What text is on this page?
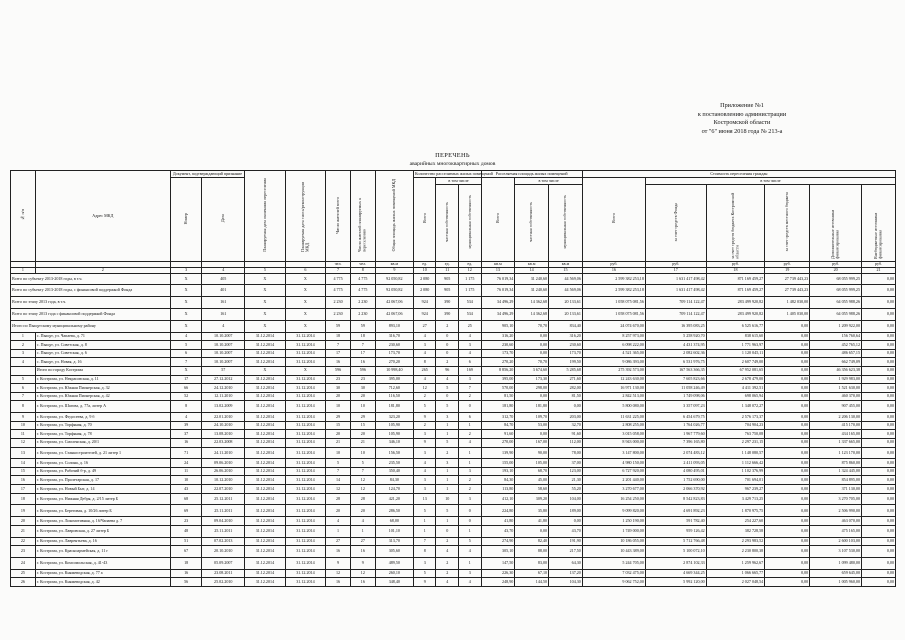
Приложение №1
к постановлению администрации
Костромской области
от "6" июня 2018 года № 213-а
ПЕРЕЧЕНЬ
аварийных многоквартирных домов
№ п/п	Адрес МКД	Документ, подтверждающий признание		Планируемая дата окончания переселения	Планируемая дата сноса/реконструкции МКД	Число жителей всего	Число жителей планируемых к переселению	Общая площадь жилых помещений МКД	Количество расселяемых жилых помещений			Расселяемая площадь жилых помещений			Стоимость переселения граждан					
		Номер	Дата						Всего	в том числе		Всего	в том числе		Всего	в том числе				
										частная собственность	муниципальная собственность		частная собственность	муниципальная собственность		за счет средств Фонда	за счет средств бюджета Костромской области	за счет средств местного бюджета	Дополнительные источники финансирования	Внебюджетные источники финансирования
						чел.	чел.	кв.м	ед.	ед.	ед.	кв.м	кв.м	кв.м	руб.	руб.	руб.	руб.	руб.	руб.
1	2	3	4	5	6	7	8	9	10	11	12	13	14	15	16	17	18	19	20	21
Всего по субъекту 2013-2018 годы, в т.ч.		Х	405	Х	Х	4 775	4 775	92 050,82	2 080	905	1 175	76 019,34	31 240,60	44 569,06	2 599 382 253,18	1 631 417 498,42	871 169 459,27	27 739 443,23	68 055 999,25	0,00
Всего по субъекту 2013-2018 годы, с финансовой поддержкой Фонда		Х	401	Х	Х	4 775	4 775	92 050,82	2 080	905	1 175	76 019,34	31 240,60	44 569,06	2 599 382 253,18	1 631 417 498,42	871 169 459,27	27 739 443,23	68 055 999,25	0,00
Всего по этапу 2013 года, в т.ч.		Х	161	Х	Х	2 230	2 230	42 067,06	924	390	534	34 496,29	14 362,68	20 133,61	1 058 075 081,56	709 114 122,47	283 499 920,82	1 482 030,00	64 055 988,26	0,00
Всего по этапу 2013 года с финансовой поддержкой Фонда		Х	161	Х	Х	2 230	2 230	42 067,06	924	390	534	34 496,29	14 362,68	20 133,61	1 058 075 081,56	709 114 122,47	283 499 920,82	1 405 030,00	64 055 988,26	0,00
Итого по Пыщугскому муниципальному району		Х	4	Х	Х	59	59	893,10	27	2	25	905,10	70,70	834,40	24 074 670,00	16 395 083,25	6 525 616,77	0,00	1 209 922,00	0,00
1	с. Пыщуг, ул. Чапаева, д. 71	4	10.10.2007	31.12.2014	31.12.2014	18	18	316,70	4	0	4	316,20	0,00	316,20	8 257 973,00	5 258 920,70	838 615,60	0,00	156 760,64	0,00
2	с. Пыщуг, ул. Советская, д. 8	5	10.10.2007	31.12.2014	31.12.2014	7	7	230,60	3	0	3	230,60	0,00	230,60	6 098 222,00	4 431 374,95	1 771 963,97	0,00	452 765,12	0,00
3	с. Пыщуг, ул. Советская, д. 6	6	10.10.2007	31.12.2014	31.12.2014	17	17	173,70	4	0	4	173,70	0,00	173,70	4 521 365,00	2 082 602,36	1 120 045,11	0,00	486 657,15	0,00
4	с. Пыщуг, ул. Новая, д. 16	7	10.10.2007	31.12.2014	31.12.2014	16	16	270,20	8	2	6	270,20	70,70	199,50	9 086 393,00	6 531 976,75	2 607 749,00	0,00	662 749,09	0,00
	Итого по городу Кострома	Х	57	Х	Х	596	596	10 998,40	265	96	169	8 856,20	3 674,60	5 285,68	275 392 573,00	167 563 366,35	67 952 081,65	0,00	46 356 623,38	0,00
5	г. Кострома, ул. Некрасовская, д. 11	17	27.12.2012	31.12.2014	31.12.2014	23	23	395,00	4	4	3	395,00	173,30	271,60	12 243 630,00	7 605 823,66	2 678 479,00	0,00	1 929 983,00	0,00
6	г. Кострома, ул. Южная Пионерская, д. 32	66	24.12.2010	31.12.2014	31.12.2014	30	30	712,60	12	5	7	570,00	298,00	282,00	16 971 130,00	11 058 246,49	4 411 392,51	0,00	1 521 630,00	0,00
7	г. Кострома, ул. Южная Пионерская, д. 42	52	12.11.2010	31.12.2014	31.12.2014	20	20	116,50	2	0	2	81,50	0,00	81,50	2 842 513,00	1 749 098,06	698 065,94	0,00	460 370,00	0,00
8	г. Кострома, ул. Шагова, д. 77а, литер А	8	13.02.2009	31.12.2014	31.12.2014	10	10	181,80	5	5	0	181,80	181,80	0,00	5 800 080,00	3 357 097,23	1 348 072,27	0,00	907 455,00	0,00
9	г. Кострома, ул. Федосеева, д. 9 б	4	22.01.2010	31.12.2014	31.12.2014	29	29	323,20	9	3	6	312,70	109,70	203,00	11 631 225,00	6 454 679,75	2 576 173,37	0,00	2 206 130,00	0,00
10	г. Кострома, ул. Торфяная, д. 70	39	24.10.2010	31.12.2014	31.12.2014	15	15	105,90	2	1	1	84,70	53,00	32,70	2 808 255,00	1 764 026,77	704 904,23	0,00	415 170,00	0,00
11	г. Кострома, ул. Торфяная, д. 78	37	13.08.2010	31.12.2014	31.12.2014	20	20	105,90	3	1	2	91,60	0,00	91,60	3 015 058,00	1 967 779,60	763 750,08	0,00	434 165,00	0,00
12	г. Кострома, ул. Смоленская, д. 20/1	16	22.03.2008	31.12.2014	31.12.2014	21	21	346,10	9	5	4	270,00	167,00	112,00	8 943 000,00	7 396 165,80	2 297 231,15	0,00	1 337 665,00	0,00
13	г. Кострома, ул. Станкостроителей, д. 21 литер 1	71	24.11.2010	31.12.2014	31.12.2014	10	10	156,50	3	2	1	139,90	90,00	78,00	3 147 800,00	2 074 483,12	1 148 080,57	0,00	1 123 170,00	0,00
14	г. Кострома, ул. Солина, д. 16	24	09.06.2010	31.12.2014	31.12.2014	5	5	235,50	4	3	1	155,00	105,00	37,00	4 980 150,00	2 411 093,05	1 112 666,42	0,00	875 860,00	0,00
15	г. Кострома, ул. Рабочий б-р, д. 49	11	26.06.2010	31.12.2014	31.12.2014	7	7	350,40	4	1	3	193,10	68,70	123,00	6 727 920,00	4 080 495,01	1 102 376,99	0,00	1 324 445,00	0,00
16	г. Кострома, ул. Пролетарская, д. 17	10	10.12.2010	31.12.2014	31.12.2014	14	12	84,30	3	1	2	84,30	45,00	21,30	2 201 440,00	1 752 690,00	701 694,01	0,00	854 895,00	0,00
17	г. Кострома, ул. Новый Быт, д. 14	43	22.07.2010	31.12.2014	31.12.2014	12	12	124,70	3	1	2	113,80	58,60	55,20	3 270 677,00	2 066 370,92	967 239,27	0,00	371 130,00	0,00
18	г. Кострома, ул. Нижняя Дебря, д. 2/15 литер Б	68	25.12.2011	31.12.2014	31.12.2014	28	28	421,20	13	10	3	412,10	309,20	104,00	16 254 250,00	8 542 823,83	3 429 713,25	0,00	3 270 705,00	0,00
19	г. Кострома, ул. Береговая, д. 10/26 литер Б	69	25.11.2011	31.12.2014	31.12.2014	20	20	286,50	5	5	0	224,80	35,80	189,00	9 099 820,00	4 691 892,23	1 870 975,75	0,00	2 506 990,00	0,00
20	г. Кострома, ул. Локомотивная, д. 16/Чапаева д. 7	23	09.04.2010	31.12.2014	31.12.2014	4	4	68,00	1	1	0	41,80	41,80	0,00	1 250 190,00	591 782,40	254 227,60	0,00	463 070,00	0,00
21	г. Кострома, ул. Лавровская, д. 27 литер Б	48	25.11.2011	31.12.2014	31.12.2014	1	1	101,10	1	0	1	43,70	0,00	43,70	1 749 000,00	959 126,42	382 728,58	0,00	475 165,00	0,00
22	г. Кострома, ул. Лаврентьева, д. 16	51	07.02.2013	31.12.2014	31.12.2014	27	27	313,70	7	2	5	274,90	82,40	191,90	10 186 055,00	5 712 766,48	2 293 983,52	0,00	2 600 103,00	0,00
23	г. Кострома, ул. Красноармейская, д. 11 г	67	20.10.2010	31.12.2014	31.12.2014	16	16	305,60	8	4	4	305,10	88,00	217,50	10 443 389,00	5 100 072,10	2 230 800,38	0,00	3 107 530,00	0,00
24	г. Кострома, ул. Комсомольская, д. 41-43	18	05.09.2007	31.12.2014	31.12.2014	9	9	489,50	3	2	1	147,50	83,00	64,30	5 244 705,00	2 874 102,33	1 259 962,67	0,00	1 099 480,00	0,00
25	г. Кострома, ул. Княжеводская, д. 77 а	16	23.08.2011	31.12.2014	31.12.2014	12	12	260,10	5	2	3	226,30	67,10	137,20	7 032 475,00	4 669 344,25	1 066 665,77	0,00	659 645,00	0,00
26	г. Кострома, ул. Княжеводская, д. 42	56	25.02.2010	31.12.2014	31.12.2014	16	16	348,40	9	4	4	248,90	144,50	104,30	9 062 752,00	5 992 120,00	2 027 048,54	0,00	1 005 960,00	0,00
